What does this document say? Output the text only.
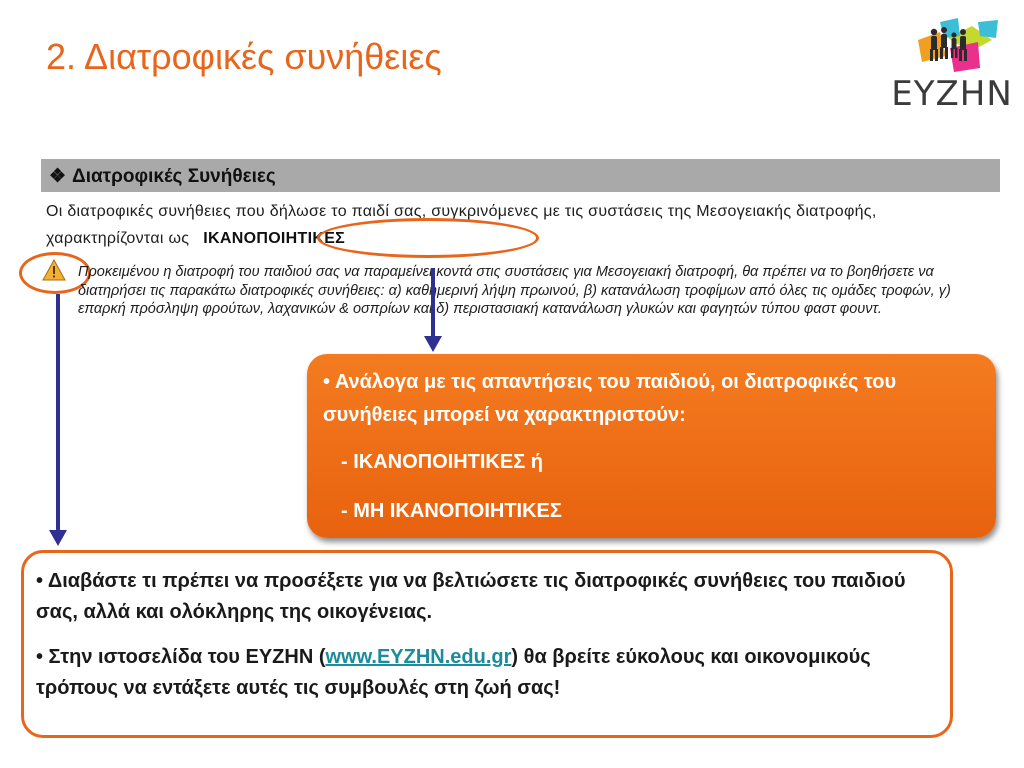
2. Διατροφικές συνήθειες
ΕΥΖΗΝ
❖ Διατροφικές Συνήθειες
Οι διατροφικές συνήθειες που δήλωσε το παιδί σας, συγκρινόμενες με τις συστάσεις της Μεσογειακής διατροφής, χαρακτηρίζονται ως ΙΚΑΝΟΠΟΙΗΤΙΚΕΣ
Προκειμένου η διατροφή του παιδιού σας να παραμείνει κοντά στις συστάσεις για Μεσογειακή διατροφή, θα πρέπει να το βοηθήσετε να διατηρήσει τις παρακάτω διατροφικές συνήθειες: α) καθημερινή λήψη πρωινού, β) κατανάλωση τροφίμων από όλες τις ομάδες τροφών, γ) επαρκή πρόσληψη φρούτων, λαχανικών & οσπρίων και δ) περιστασιακή κατανάλωση γλυκών και φαγητών τύπου φαστ φουντ.

• Ανάλογα με τις απαντήσεις του παιδιού, οι διατροφικές του συνήθειες μπορεί να χαρακτηριστούν:

- ΙΚΑΝΟΠΟΙΗΤΙΚΕΣ ή

- ΜΗ ΙΚΑΝΟΠΟΙΗΤΙΚΕΣ

• Διαβάστε τι πρέπει να προσέξετε για να βελτιώσετε τις διατροφικές συνήθειες του παιδιού σας, αλλά και ολόκληρης της οικογένειας.

• Στην ιστοσελίδα του ΕΥΖΗΝ (www.EYZHN.edu.gr) θα βρείτε εύκολους και οικονομικούς τρόπους να εντάξετε αυτές τις συμβουλές στη ζωή σας!
